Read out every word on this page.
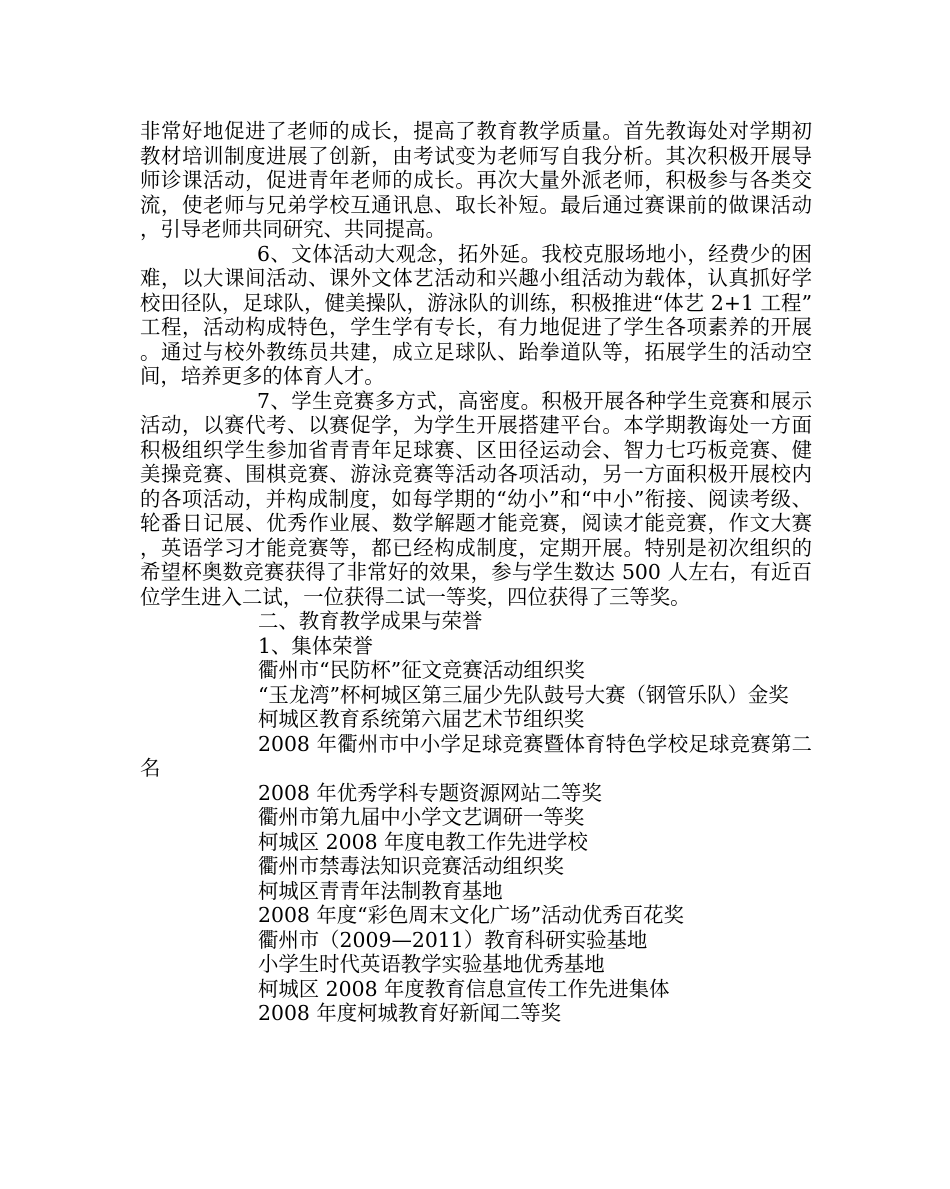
非常好地促进了老师的成长，提高了教育教学质量。首先教诲处对学期初教材培训制度进展了创新，由考试变为老师写自我分析。其次积极开展导师诊课活动，促进青年老师的成长。再次大量外派老师，积极参与各类交流，使老师与兄弟学校互通讯息、取长补短。最后通过赛课前的做课活动，引导老师共同研究、共同提高。

6、文体活动大观念，拓外延。我校克服场地小，经费少的困难，以大课间活动、课外文体艺活动和兴趣小组活动为载体，认真抓好学校田径队，足球队，健美操队，游泳队的训练，积极推进“体艺 2+1 工程”工程，活动构成特色，学生学有专长，有力地促进了学生各项素养的开展。通过与校外教练员共建，成立足球队、跆拳道队等，拓展学生的活动空间，培养更多的体育人才。

7、学生竞赛多方式，高密度。积极开展各种学生竞赛和展示活动，以赛代考、以赛促学，为学生开展搭建平台。本学期教诲处一方面积极组织学生参加省青青年足球赛、区田径运动会、智力七巧板竞赛、健美操竞赛、围棋竞赛、游泳竞赛等活动各项活动，另一方面积极开展校内的各项活动，并构成制度，如每学期的“幼小”和“中小”衔接、阅读考级、轮番日记展、优秀作业展、数学解题才能竞赛，阅读才能竞赛，作文大赛，英语学习才能竞赛等，都已经构成制度，定期开展。特别是初次组织的希望杯奥数竞赛获得了非常好的效果，参与学生数达 500 人左右，有近百位学生进入二试，一位获得二试一等奖，四位获得了三等奖。

二、教育教学成果与荣誉

1、集体荣誉

衢州市“民防杯”征文竞赛活动组织奖

“玉龙湾”杯柯城区第三届少先队鼓号大赛（钢管乐队）金奖

柯城区教育系统第六届艺术节组织奖

2008 年衢州市中小学足球竞赛暨体育特色学校足球竞赛第二名

2008 年优秀学科专题资源网站二等奖

衢州市第九届中小学文艺调研一等奖

柯城区 2008 年度电教工作先进学校

衢州市禁毒法知识竞赛活动组织奖

柯城区青青年法制教育基地

2008 年度“彩色周末文化广场”活动优秀百花奖

衢州市（2009—2011）教育科研实验基地

小学生时代英语教学实验基地优秀基地

柯城区 2008 年度教育信息宣传工作先进集体

2008 年度柯城教育好新闻二等奖
